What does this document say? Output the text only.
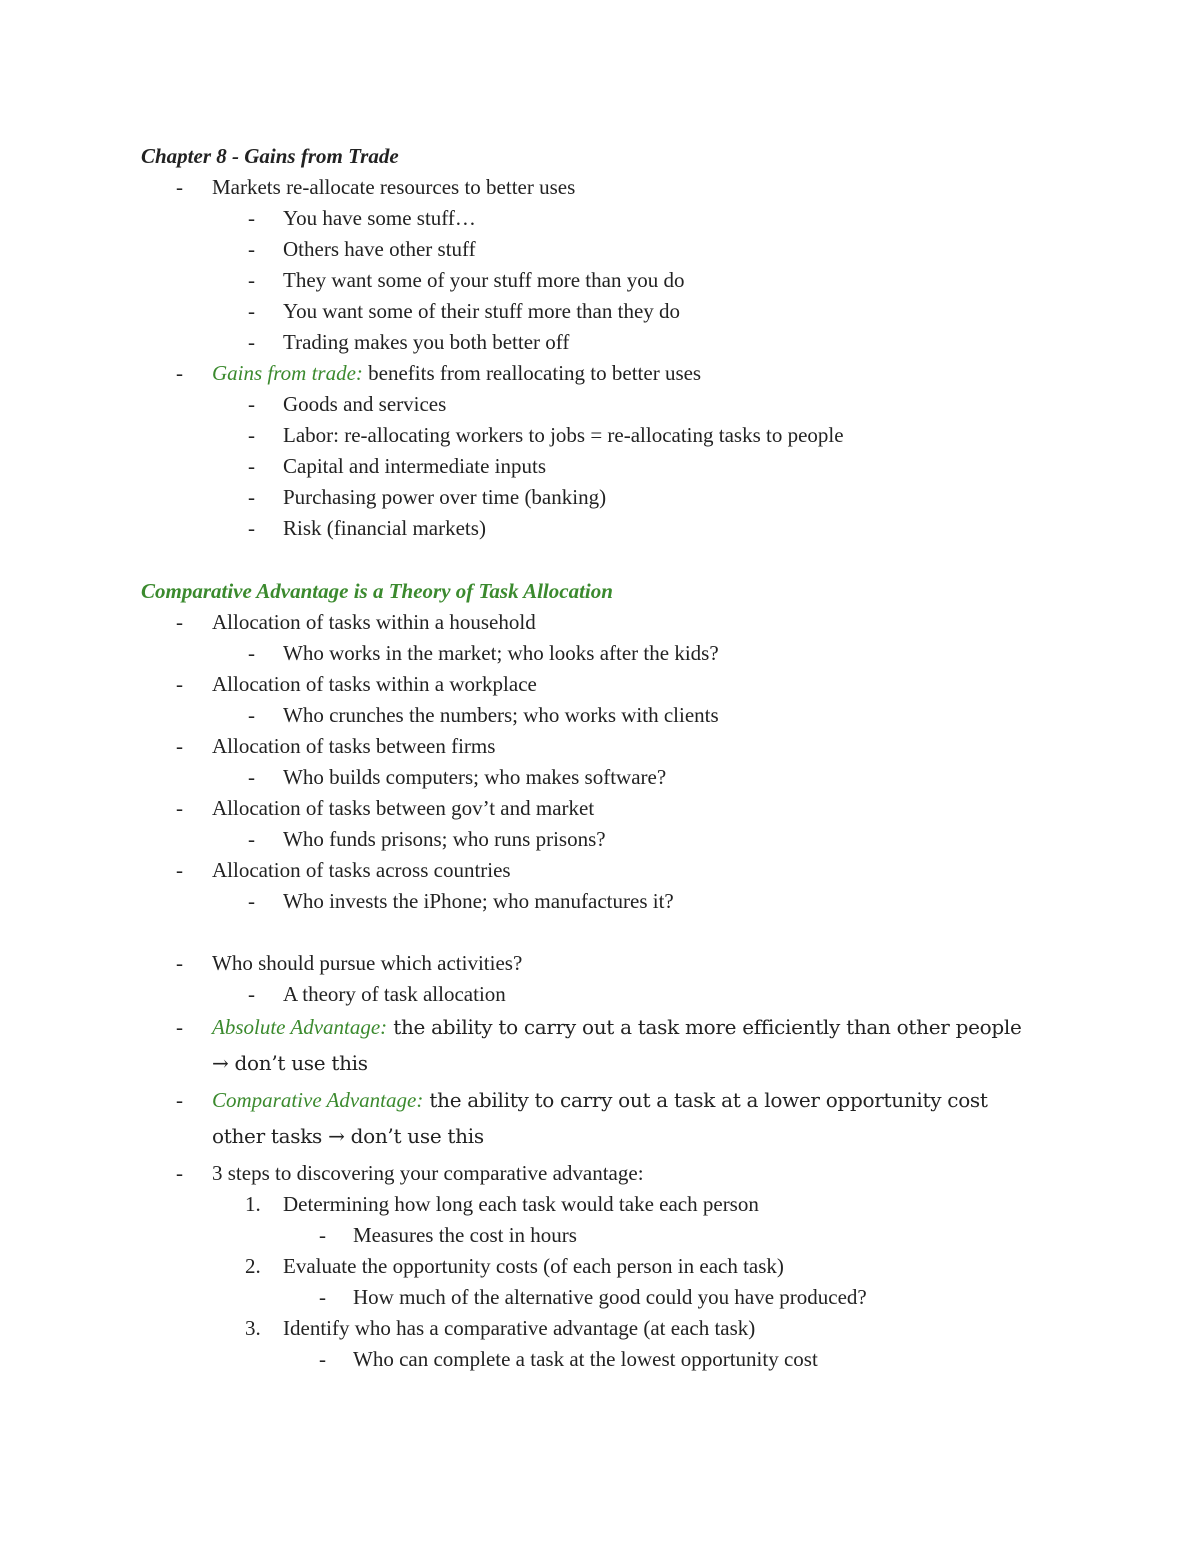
Chapter 8 - Gains from Trade
- Markets re-allocate resources to better uses
- You have some stuff…
- Others have other stuff
- They want some of your stuff more than you do
- You want some of their stuff more than they do
- Trading makes you both better off
- Gains from trade: benefits from reallocating to better uses
- Goods and services
- Labor: re-allocating workers to jobs = re-allocating tasks to people
- Capital and intermediate inputs
- Purchasing power over time (banking)
- Risk (financial markets)
Comparative Advantage is a Theory of Task Allocation
- Allocation of tasks within a household
- Who works in the market; who looks after the kids?
- Allocation of tasks within a workplace
- Who crunches the numbers; who works with clients
- Allocation of tasks between firms
- Who builds computers; who makes software?
- Allocation of tasks between gov’t and market
- Who funds prisons; who runs prisons?
- Allocation of tasks across countries
- Who invests the iPhone; who manufactures it?
- Who should pursue which activities?
- A theory of task allocation
- Absolute Advantage: the ability to carry out a task more efficiently than other people
→ don’t use this
- Comparative Advantage: the ability to carry out a task at a lower opportunity cost
other tasks → don’t use this
- 3 steps to discovering your comparative advantage:
1. Determining how long each task would take each person
- Measures the cost in hours
2. Evaluate the opportunity costs (of each person in each task)
- How much of the alternative good could you have produced?
3. Identify who has a comparative advantage (at each task)
- Who can complete a task at the lowest opportunity cost
